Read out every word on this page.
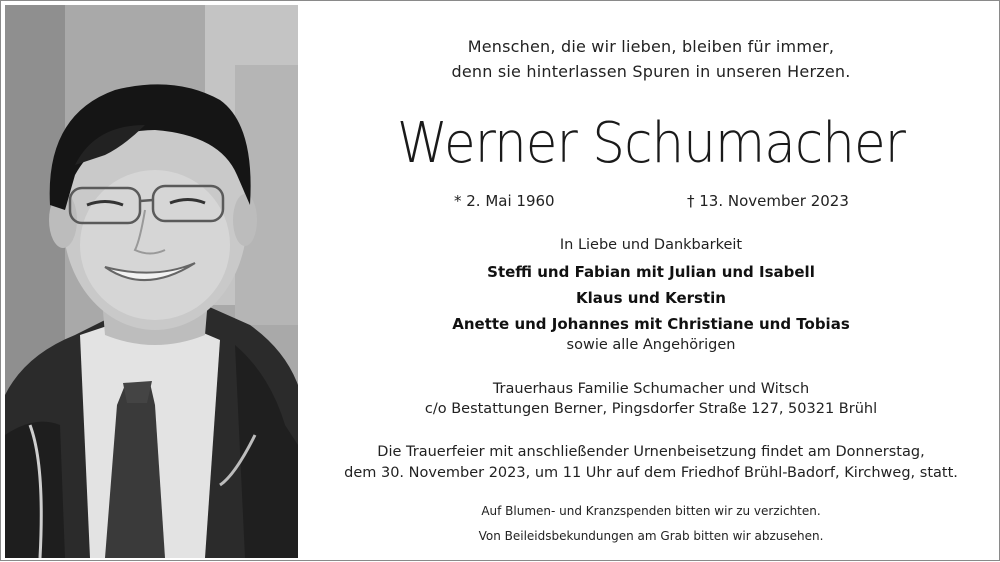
Menschen, die wir lieben, bleiben für immer,
denn sie hinterlassen Spuren in unseren Herzen.
Werner Schumacher
* 2. Mai 1960	† 13. November 2023
In Liebe und Dankbarkeit
Steffi und Fabian mit Julian und Isabell
Klaus und Kerstin
Anette und Johannes mit Christiane und Tobias
sowie alle Angehörigen
Trauerhaus Familie Schumacher und Witsch
c/o Bestattungen Berner, Pingsdorfer Straße 127, 50321 Brühl
Die Trauerfeier mit anschließender Urnenbeisetzung findet am Donnerstag,
dem 30. November 2023, um 11 Uhr auf dem Friedhof Brühl-Badorf, Kirchweg, statt.
Auf Blumen- und Kranzspenden bitten wir zu verzichten.
Von Beileidsbekundungen am Grab bitten wir abzusehen.
